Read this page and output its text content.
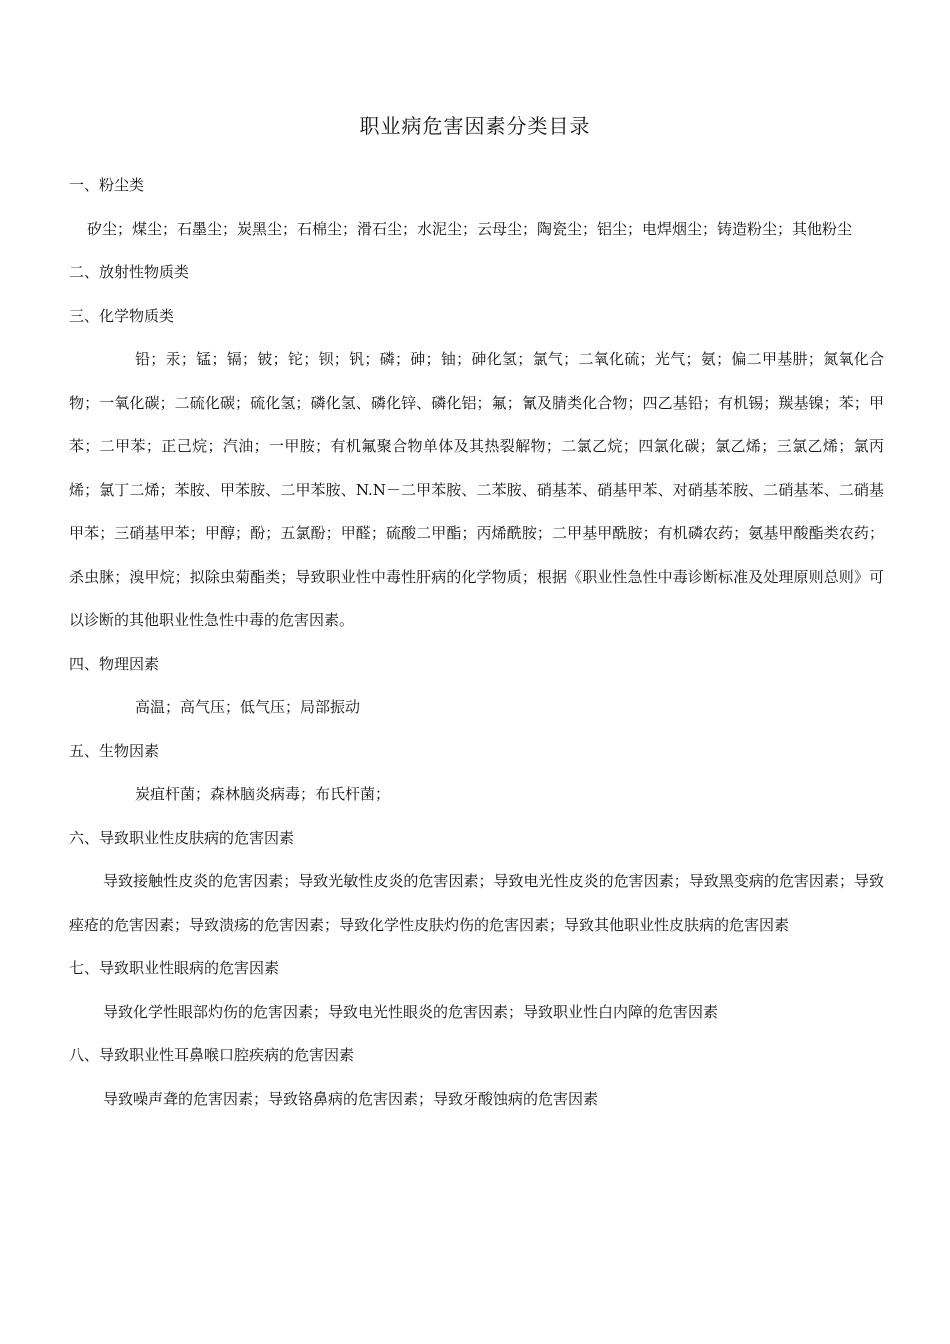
职业病危害因素分类目录

一、粉尘类

矽尘；煤尘；石墨尘；炭黑尘；石棉尘；滑石尘；水泥尘；云母尘；陶瓷尘；铝尘；电焊烟尘；铸造粉尘；其他粉尘

二、放射性物质类

三、化学物质类

铅；汞；锰；镉；铍；铊；钡；钒；磷；砷；铀；砷化氢；氯气；二氧化硫；光气；氨；偏二甲基肼；氮氧化合物；一氧化碳；二硫化碳；硫化氢；磷化氢、磷化锌、磷化铝；氟；氰及腈类化合物；四乙基铅；有机锡；羰基镍；苯；甲苯；二甲苯；正己烷；汽油；一甲胺；有机氟聚合物单体及其热裂解物；二氯乙烷；四氯化碳；氯乙烯；三氯乙烯；氯丙烯；氯丁二烯；苯胺、甲苯胺、二甲苯胺、N.N－二甲苯胺、二苯胺、硝基苯、硝基甲苯、对硝基苯胺、二硝基苯、二硝基甲苯；三硝基甲苯；甲醇；酚；五氯酚；甲醛；硫酸二甲酯；丙烯酰胺；二甲基甲酰胺；有机磷农药；氨基甲酸酯类农药；杀虫脒；溴甲烷；拟除虫菊酯类；导致职业性中毒性肝病的化学物质；根据《职业性急性中毒诊断标准及处理原则总则》可以诊断的其他职业性急性中毒的危害因素。

四、物理因素

高温；高气压；低气压；局部振动

五、生物因素

炭疽杆菌；森林脑炎病毒；布氏杆菌；

六、导致职业性皮肤病的危害因素

导致接触性皮炎的危害因素；导致光敏性皮炎的危害因素；导致电光性皮炎的危害因素；导致黑变病的危害因素；导致痤疮的危害因素；导致溃疡的危害因素；导致化学性皮肤灼伤的危害因素；导致其他职业性皮肤病的危害因素

七、导致职业性眼病的危害因素

导致化学性眼部灼伤的危害因素；导致电光性眼炎的危害因素；导致职业性白内障的危害因素

八、导致职业性耳鼻喉口腔疾病的危害因素

导致噪声聋的危害因素；导致铬鼻病的危害因素；导致牙酸蚀病的危害因素
